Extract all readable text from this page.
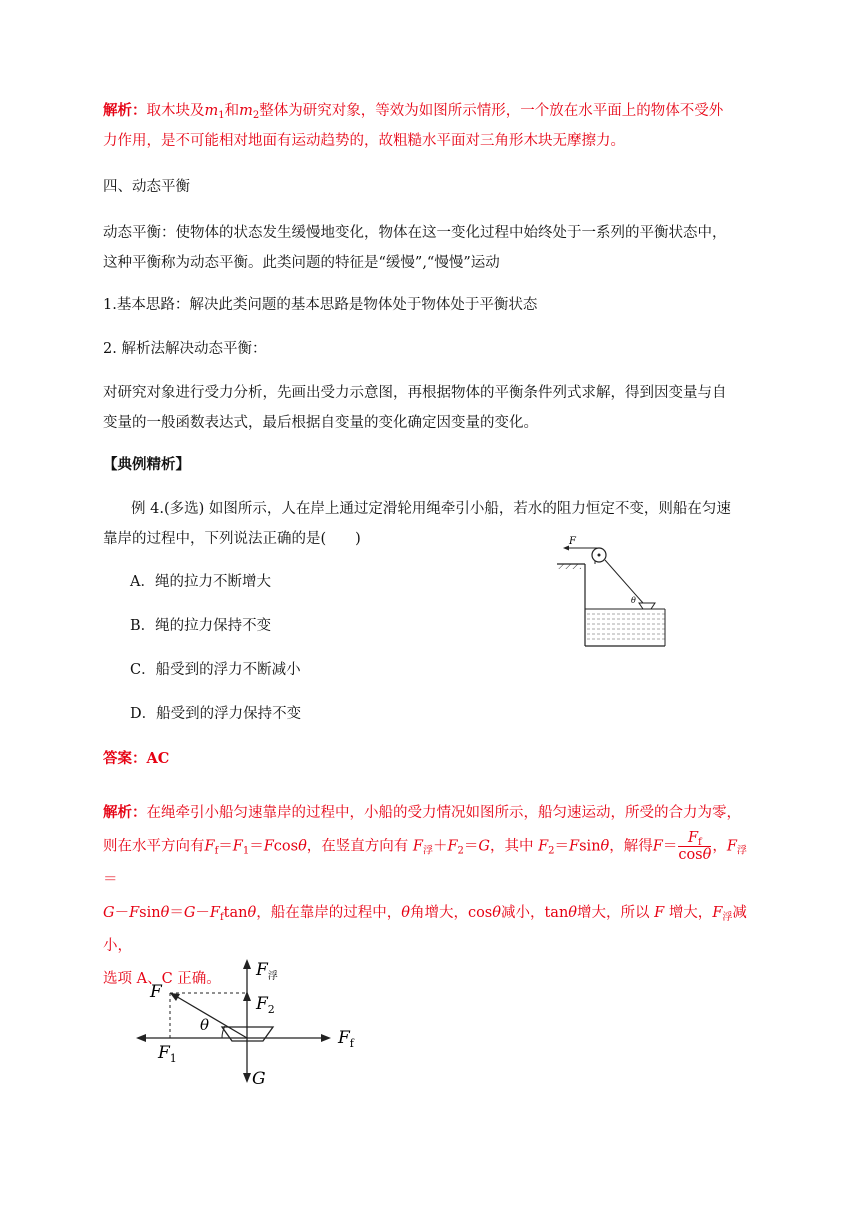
解析：取木块及$m_1$和$m_2$整体为研究对象，等效为如图所示情形，一个放在水平面上的物体不受外
力作用，是不可能相对地面有运动趋势的，故粗糙水平面对三角形木块无摩擦力。
四、动态平衡
动态平衡：使物体的状态发生缓慢地变化，物体在这一变化过程中始终处于一系列的平衡状态中，
这种平衡称为动态平衡。此类问题的特征是“缓慢”,“慢慢”运动
1.基本思路：解决此类问题的基本思路是物体处于物体处于平衡状态
2. 解析法解决动态平衡：
对研究对象进行受力分析，先画出受力示意图，再根据物体的平衡条件列式求解，得到因变量与自
变量的一般函数表达式，最后根据自变量的变化确定因变量的变化。
【典例精析】
例 4.(多选) 如图所示，人在岸上通过定滑轮用绳牵引小船，若水的阻力恒定不变，则船在匀速
靠岸的过程中，下列说法正确的是(　　)
A．绳的拉力不断增大
B．绳的拉力保持不变
C．船受到的浮力不断减小
D．船受到的浮力保持不变
F
θ
答案：AC
解析：在绳牵引小船匀速靠岸的过程中，小船的受力情况如图所示，船匀速运动，所受的合力为零，
则在水平方向有$F_f=F_1=Fcos\theta$，在竖直方向有 $F_浮+F_2=G$，其中 $F_2=Fsin\theta$，解得$F= \frac{F_f}{\cos\theta}$ ，$F_浮=$
$G-Fsin\theta=G-F_f\tan\theta$，船在靠岸的过程中，θ角增大，cosθ减小，tanθ增大，所以 F 增大，$F_浮$减小，
选项 A、C 正确。
F
$F_浮$
$F_2$
$F_f$
$F_1$
G
θ
